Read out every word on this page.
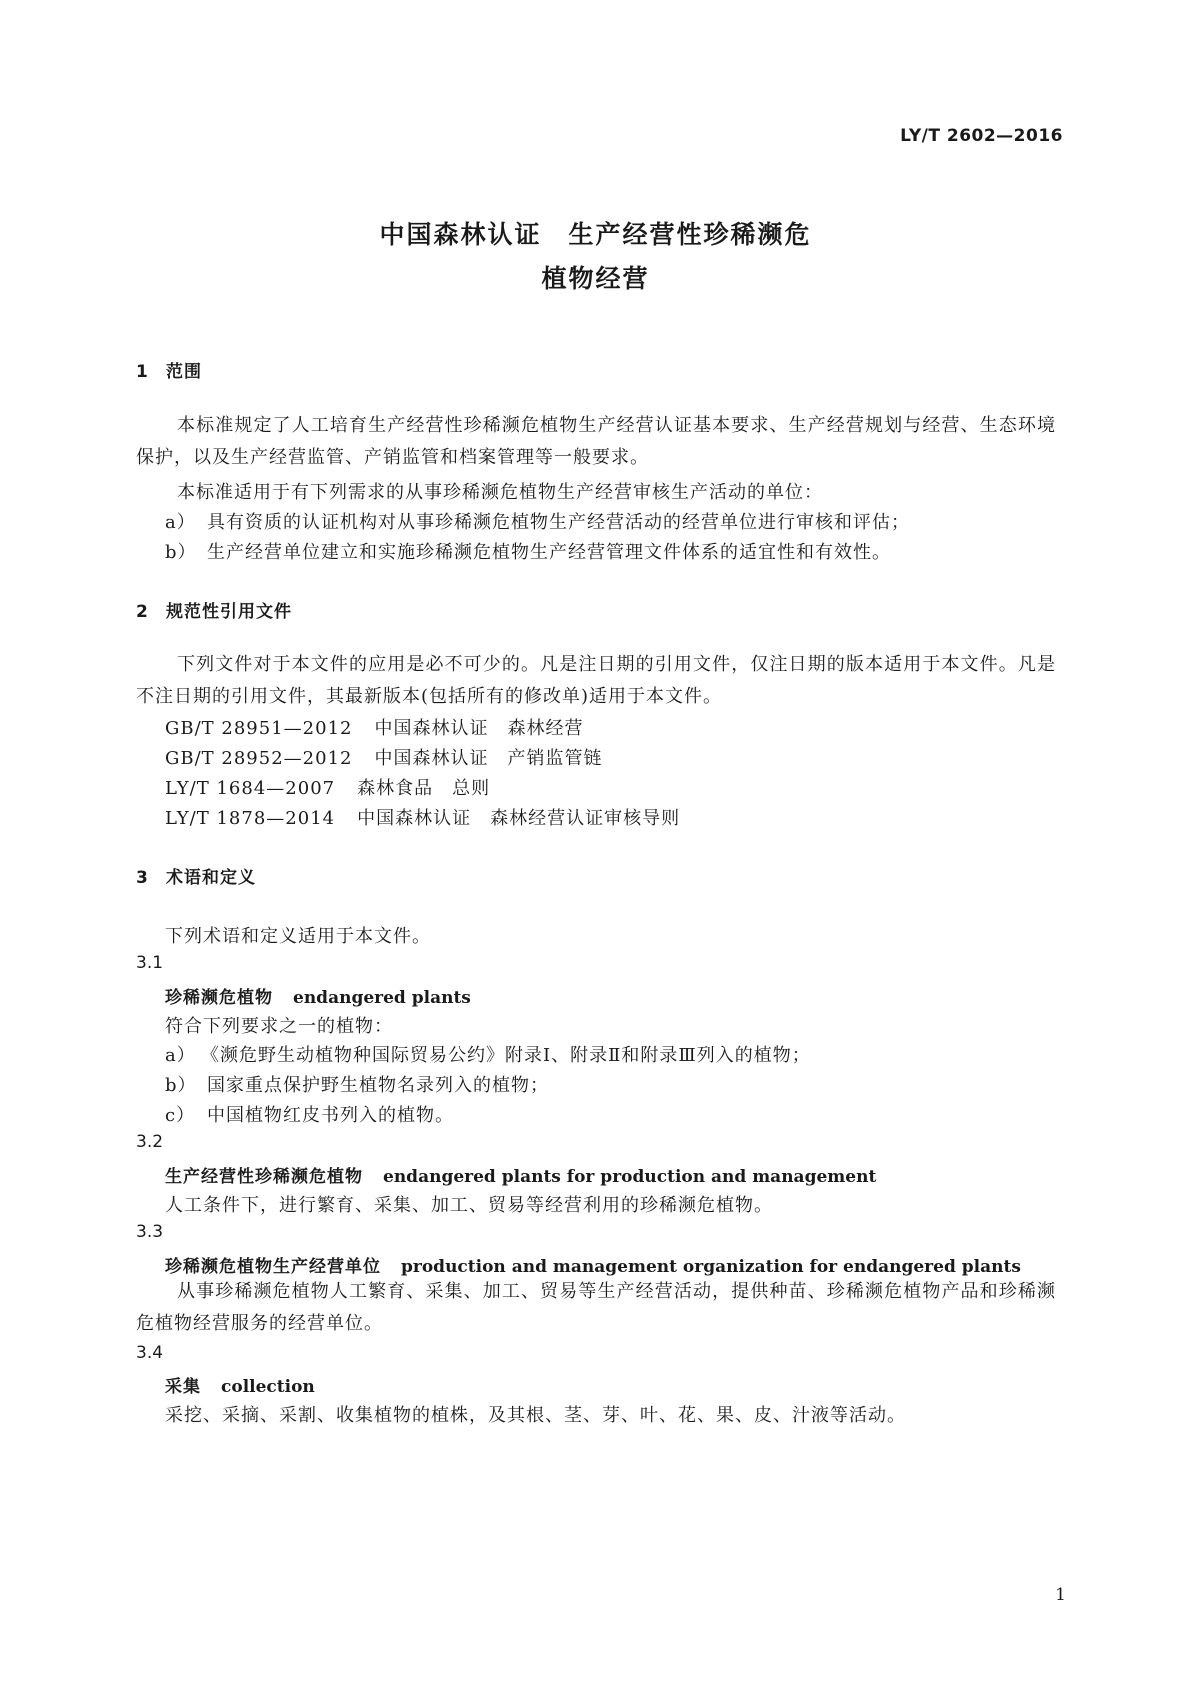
LY/T 2602—2016
中国森林认证　生产经营性珍稀濒危
植物经营
1 范围
本标准规定了人工培育生产经营性珍稀濒危植物生产经营认证基本要求、生产经营规划与经营、生态环境保护，以及生产经营监管、产销监管和档案管理等一般要求。
本标准适用于有下列需求的从事珍稀濒危植物生产经营审核生产活动的单位：
a） 具有资质的认证机构对从事珍稀濒危植物生产经营活动的经营单位进行审核和评估；
b） 生产经营单位建立和实施珍稀濒危植物生产经营管理文件体系的适宜性和有效性。
2 规范性引用文件
下列文件对于本文件的应用是必不可少的。凡是注日期的引用文件，仅注日期的版本适用于本文件。凡是不注日期的引用文件，其最新版本(包括所有的修改单)适用于本文件。
GB/T 28951—2012 中国森林认证　森林经营
GB/T 28952—2012 中国森林认证　产销监管链
LY/T 1684—2007 森林食品　总则
LY/T 1878—2014 中国森林认证　森林经营认证审核导则
3 术语和定义
下列术语和定义适用于本文件。
3.1
珍稀濒危植物 endangered plants
符合下列要求之一的植物：
a） 《濒危野生动植物种国际贸易公约》附录Ⅰ、附录Ⅱ和附录Ⅲ列入的植物；
b） 国家重点保护野生植物名录列入的植物；
c） 中国植物红皮书列入的植物。
3.2
生产经营性珍稀濒危植物 endangered plants for production and management
人工条件下，进行繁育、采集、加工、贸易等经营利用的珍稀濒危植物。
3.3
珍稀濒危植物生产经营单位 production and management organization for endangered plants
从事珍稀濒危植物人工繁育、采集、加工、贸易等生产经营活动，提供种苗、珍稀濒危植物产品和珍稀濒危植物经营服务的经营单位。
3.4
采集 collection
采挖、采摘、采割、收集植物的植株，及其根、茎、芽、叶、花、果、皮、汁液等活动。
1
